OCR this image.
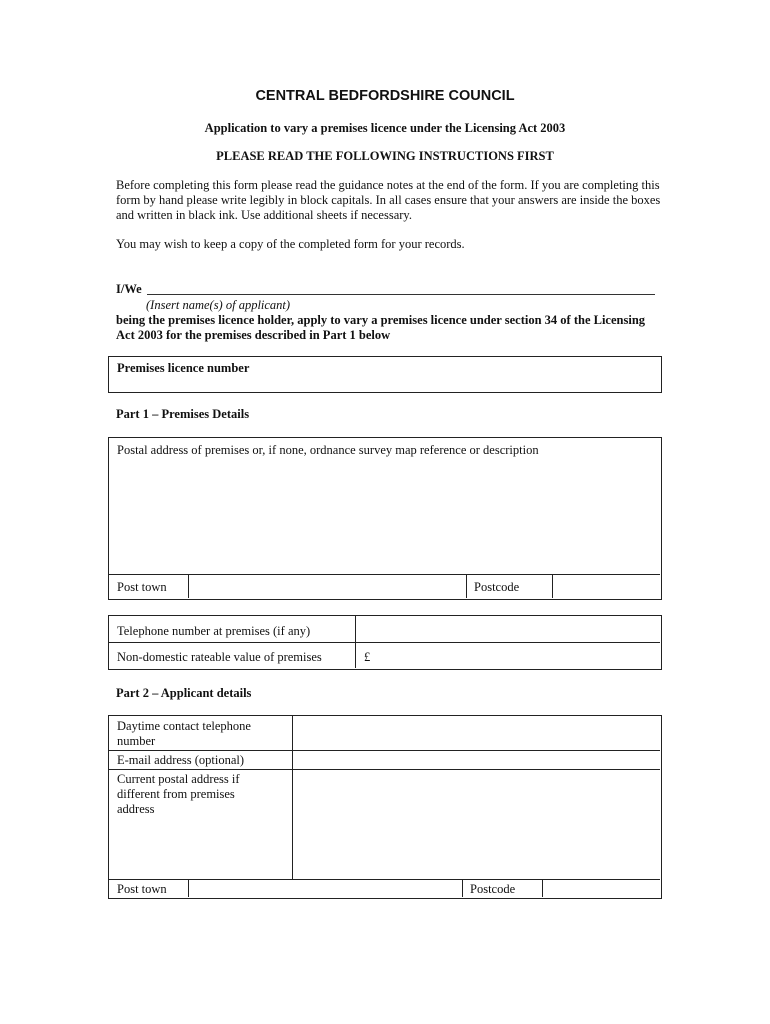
CENTRAL BEDFORDSHIRE COUNCIL
Application to vary a premises licence under the Licensing Act 2003
PLEASE READ THE FOLLOWING INSTRUCTIONS FIRST
Before completing this form please read the guidance notes at the end of the form. If you are completing this form by hand please write legibly in block capitals. In all cases ensure that your answers are inside the boxes and written in black ink. Use additional sheets if necessary.
You may wish to keep a copy of the completed form for your records.
I/We
(Insert name(s) of applicant)
being the premises licence holder, apply to vary a premises licence under section 34 of the Licensing Act 2003 for the premises described in Part 1 below
Premises licence number
Part 1 – Premises Details
Postal address of premises or, if none, ordnance survey map reference or description
Post town	Postcode
Telephone number at premises (if any)
Non-domestic rateable value of premises	£
Part 2 – Applicant details
Daytime contact telephone number
E-mail address (optional)
Current postal address if different from premises address
Post town	Postcode
